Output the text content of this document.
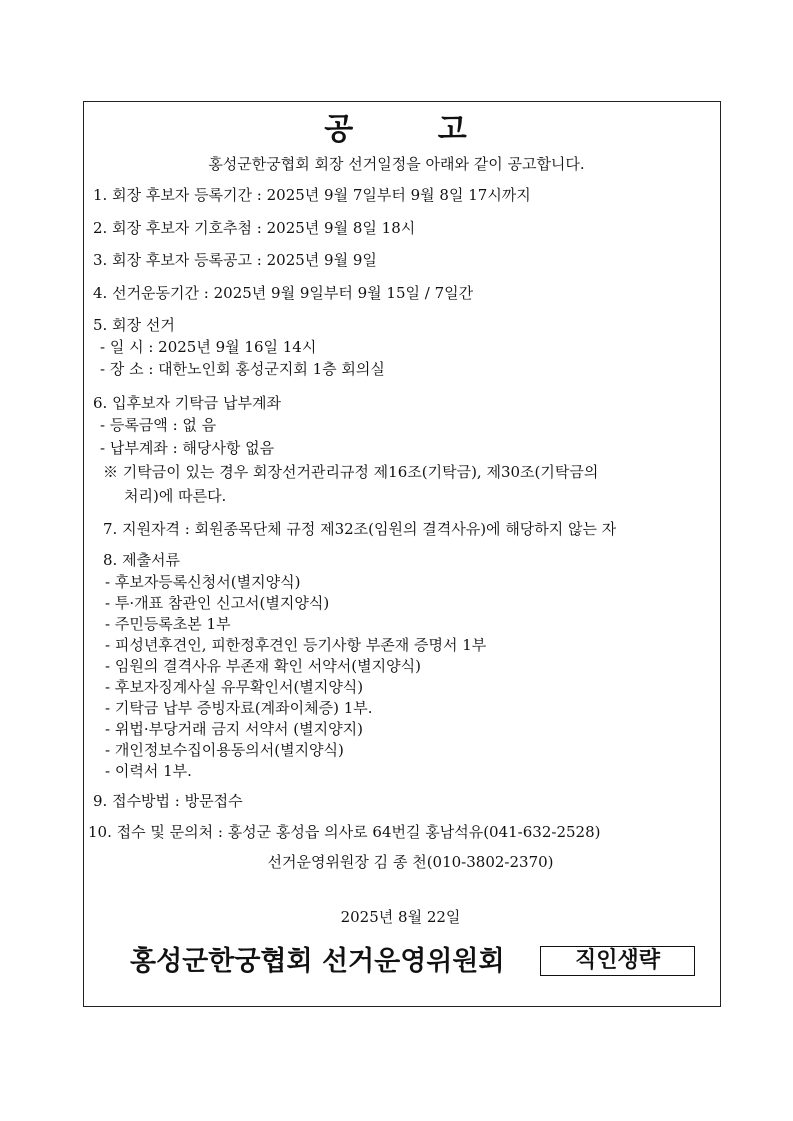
공 고
홍성군한궁협회 회장 선거일정을 아래와 같이 공고합니다.
1. 회장 후보자 등록기간 : 2025년 9월 7일부터 9월 8일 17시까지
2. 회장 후보자 기호추첨 : 2025년 9월 8일 18시
3. 회장 후보자 등록공고 : 2025년 9월 9일
4. 선거운동기간 : 2025년 9월 9일부터 9월 15일 / 7일간
5. 회장 선거
- 일 시 : 2025년 9월 16일 14시
- 장 소 : 대한노인회 홍성군지회 1층 회의실
6. 입후보자 기탁금 납부계좌
- 등록금액 : 없 음
- 납부계좌 : 해당사항 없음
※ 기탁금이 있는 경우 회장선거관리규정 제16조(기탁금), 제30조(기탁금의
처리)에 따른다.
7. 지원자격 : 회원종목단체 규정 제32조(임원의 결격사유)에 해당하지 않는 자
8. 제출서류
- 후보자등록신청서(별지양식)
- 투·개표 참관인 신고서(별지양식)
- 주민등록초본 1부
- 피성년후견인, 피한정후견인 등기사항 부존재 증명서 1부
- 임원의 결격사유 부존재 확인 서약서(별지양식)
- 후보자징계사실 유무확인서(별지양식)
- 기탁금 납부 증빙자료(계좌이체증) 1부.
- 위법·부당거래 금지 서약서 (별지양지)
- 개인정보수집이용동의서(별지양식)
- 이력서 1부.
9. 접수방법 : 방문접수
10. 접수 및 문의처 : 홍성군 홍성읍 의사로 64번길 홍남석유(041-632-2528)
선거운영위원장 김 종 천(010-3802-2370)
2025년 8월 22일
홍성군한궁협회 선거운영위원회	직인생략
